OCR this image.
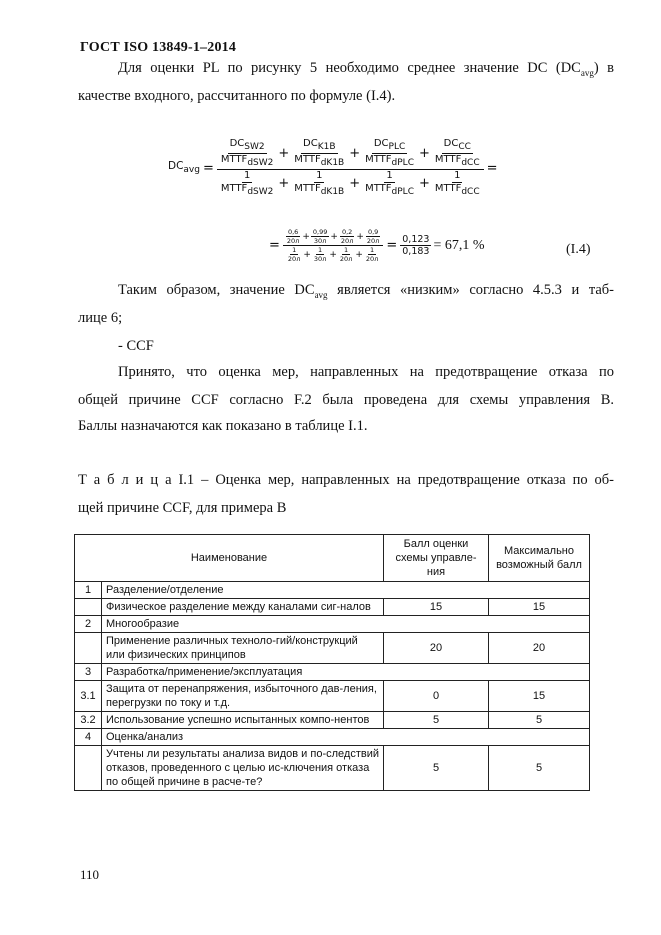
ГОСТ ISO 13849-1–2014
Для оценки PL по рисунку 5 необходимо среднее значение DC $(DC_{avg})$ в
качестве входного, рассчитанного по формуле (I.4).
$DC_{avg} = \frac{DC_{SW2}}{MTTF_{dSW2}} + \frac{DC_{K1B}}{MTTF_{dK1B}} + \frac{DC_{PLC}}{MTTF_{dPLC}} + \frac{DC_{CC}}{MTTF_{dCC}}$
$\frac{1}{MTTF_{dSW2}} + \frac{1}{MTTF_{dK1B}} + \frac{1}{MTTF_{dPLC}} + \frac{1}{MTTF_{dCC}}$
=
= $\frac{\frac{0,6}{20л} + \frac{0,99}{30л} + \frac{0,2}{20л} + \frac{0,9}{20л}}{\frac{1}{20л} + \frac{1}{30л} + \frac{1}{20л} + \frac{1}{20л}} = \frac{0,123}{0,183} = 67,1$ %	(I.4)
Таким образом, значение $DC_{avg}$ является «низким» согласно 4.5.3 и таб-
лице 6;
- CCF
Принято, что оценка мер, направленных на предотвращение отказа по
общей причине CCF согласно F.2 была проведена для схемы управления В.
Баллы назначаются как показано в таблице I.1.
Т а б л и ц а I.1 – Оценка мер, направленных на предотвращение отказа по об-
щей причине CCF, для примера В
Наименование		Балл оценки схемы управле-ния	Максимально возможный балл
1	Разделение/отделение		
	Физическое разделение между каналами сиг-налов	15	15
2	Многообразие		
	Применение различных техноло-гий/конструкций или физических принципов	20	20
3	Разработка/применение/эксплуатация		
3.1	Защита от перенапряжения, избыточного дав-ления, перегрузки по току и т.д.	0	15
3.2	Использование успешно испытанных компо-нентов	5	5
4	Оценка/анализ		
	Учтены ли результаты анализа видов и по-следствий отказов, проведенного с целью ис-ключения отказа по общей причине в расче-те?	5	5
110
